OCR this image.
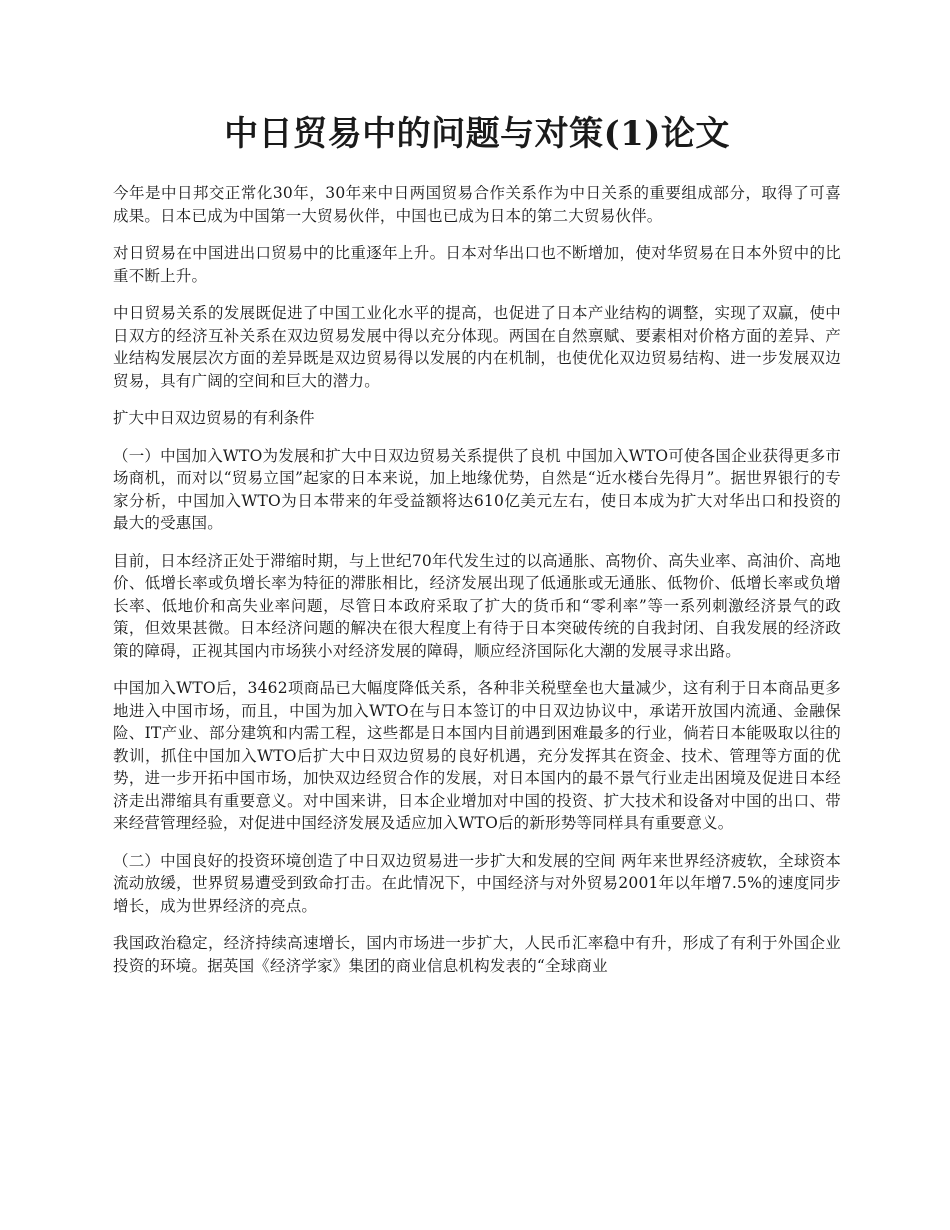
中日贸易中的问题与对策(1)论文

今年是中日邦交正常化30年，30年来中日两国贸易合作关系作为中日关系的重要组成部分，取得了可喜成果。日本已成为中国第一大贸易伙伴，中国也已成为日本的第二大贸易伙伴。

对日贸易在中国进出口贸易中的比重逐年上升。日本对华出口也不断增加，使对华贸易在日本外贸中的比重不断上升。

中日贸易关系的发展既促进了中国工业化水平的提高，也促进了日本产业结构的调整，实现了双赢，使中日双方的经济互补关系在双边贸易发展中得以充分体现。两国在自然禀赋、要素相对价格方面的差异、产业结构发展层次方面的差异既是双边贸易得以发展的内在机制，也使优化双边贸易结构、进一步发展双边贸易，具有广阔的空间和巨大的潜力。

扩大中日双边贸易的有利条件

（一）中国加入WTO为发展和扩大中日双边贸易关系提供了良机 中国加入WTO可使各国企业获得更多市场商机，而对以“贸易立国”起家的日本来说，加上地缘优势，自然是“近水楼台先得月”。据世界银行的专家分析，中国加入WTO为日本带来的年受益额将达610亿美元左右，使日本成为扩大对华出口和投资的最大的受惠国。

目前，日本经济正处于滞缩时期，与上世纪70年代发生过的以高通胀、高物价、高失业率、高油价、高地价、低增长率或负增长率为特征的滞胀相比，经济发展出现了低通胀或无通胀、低物价、低增长率或负增长率、低地价和高失业率问题，尽管日本政府采取了扩大的货币和“零利率”等一系列刺激经济景气的政策，但效果甚微。日本经济问题的解决在很大程度上有待于日本突破传统的自我封闭、自我发展的经济政策的障碍，正视其国内市场狭小对经济发展的障碍，顺应经济国际化大潮的发展寻求出路。

中国加入WTO后，3462项商品已大幅度降低关系，各种非关税壁垒也大量减少，这有利于日本商品更多地进入中国市场，而且，中国为加入WTO在与日本签订的中日双边协议中，承诺开放国内流通、金融保险、IT产业、部分建筑和内需工程，这些都是日本国内目前遇到困难最多的行业，倘若日本能吸取以往的教训，抓住中国加入WTO后扩大中日双边贸易的良好机遇，充分发挥其在资金、技术、管理等方面的优势，进一步开拓中国市场，加快双边经贸合作的发展，对日本国内的最不景气行业走出困境及促进日本经济走出滞缩具有重要意义。对中国来讲，日本企业增加对中国的投资、扩大技术和设备对中国的出口、带来经营管理经验，对促进中国经济发展及适应加入WTO后的新形势等同样具有重要意义。

（二）中国良好的投资环境创造了中日双边贸易进一步扩大和发展的空间 两年来世界经济疲软，全球资本流动放缓，世界贸易遭受到致命打击。在此情况下，中国经济与对外贸易2001年以年增7.5%的速度同步增长，成为世界经济的亮点。

我国政治稳定，经济持续高速增长，国内市场进一步扩大，人民币汇率稳中有升，形成了有利于外国企业投资的环境。据英国《经济学家》集团的商业信息机构发表的“全球商业
